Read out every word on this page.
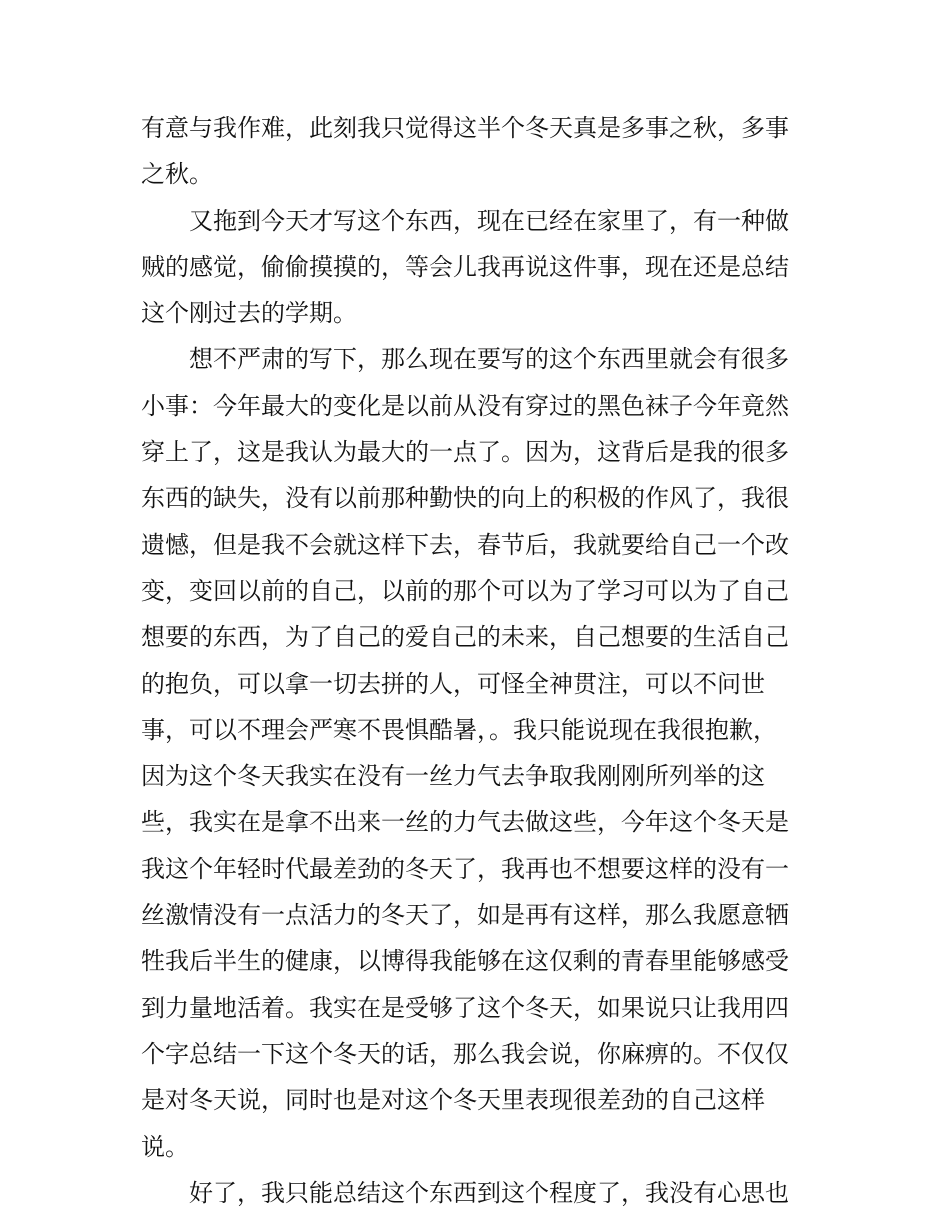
有意与我作难，此刻我只觉得这半个冬天真是多事之秋，多事
之秋。
又拖到今天才写这个东西，现在已经在家里了，有一种做
贼的感觉，偷偷摸摸的，等会儿我再说这件事，现在还是总结
这个刚过去的学期。
想不严肃的写下，那么现在要写的这个东西里就会有很多
小事：今年最大的变化是以前从没有穿过的黑色袜子今年竟然
穿上了，这是我认为最大的一点了。因为，这背后是我的很多
东西的缺失，没有以前那种勤快的向上的积极的作风了，我很
遗憾，但是我不会就这样下去，春节后，我就要给自己一个改
变，变回以前的自己，以前的那个可以为了学习可以为了自己
想要的东西，为了自己的爱自己的未来，自己想要的生活自己
的抱负，可以拿一切去拼的人，可怪全神贯注，可以不问世
事，可以不理会严寒不畏惧酷暑，。我只能说现在我很抱歉，
因为这个冬天我实在没有一丝力气去争取我刚刚所列举的这
些，我实在是拿不出来一丝的力气去做这些，今年这个冬天是
我这个年轻时代最差劲的冬天了，我再也不想要这样的没有一
丝激情没有一点活力的冬天了，如是再有这样，那么我愿意牺
牲我后半生的健康，以博得我能够在这仅剩的青春里能够感受
到力量地活着。我实在是受够了这个冬天，如果说只让我用四
个字总结一下这个冬天的话，那么我会说，你麻痹的。不仅仅
是对冬天说，同时也是对这个冬天里表现很差劲的自己这样
说。
好了，我只能总结这个东西到这个程度了，我没有心思也
